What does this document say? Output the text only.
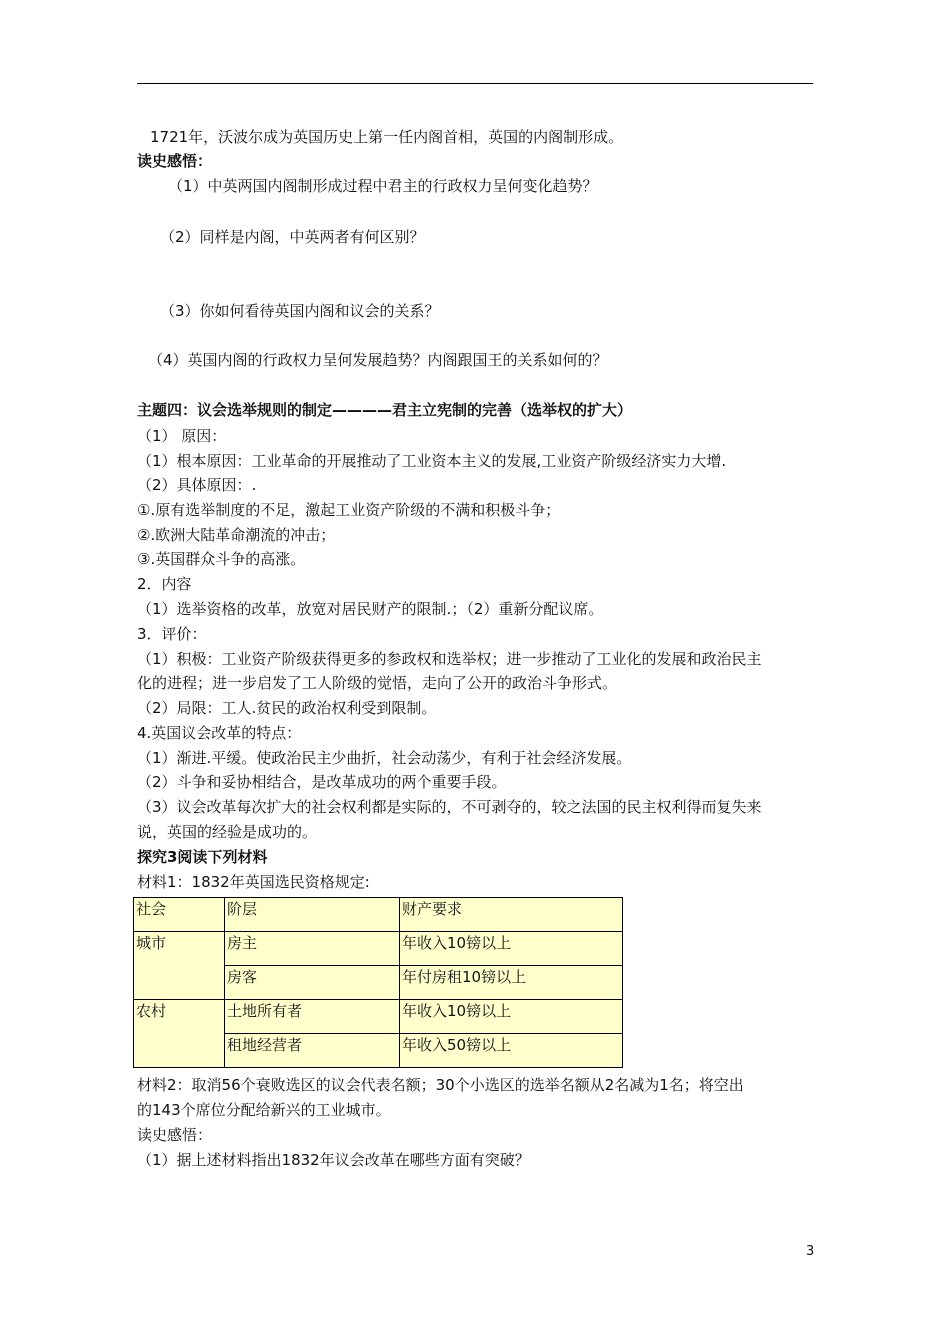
1721年，沃波尔成为英国历史上第一任内阁首相，英国的内阁制形成。
读史感悟：
（1）中英两国内阁制形成过程中君主的行政权力呈何变化趋势？
（2）同样是内阁，中英两者有何区别？
（3）你如何看待英国内阁和议会的关系？
（4）英国内阁的行政权力呈何发展趋势？内阁跟国王的关系如何的？
主题四：议会选举规则的制定————君主立宪制的完善（选举权的扩大）
（1） 原因：
（1）根本原因：工业革命的开展推动了工业资本主义的发展,工业资产阶级经济实力大增.
（2）具体原因：.
①.原有选举制度的不足，激起工业资产阶级的不满和积极斗争；
②.欧洲大陆革命潮流的冲击；
③.英国群众斗争的高涨。
2．内容
（1）选举资格的改革，放宽对居民财产的限制.；（2）重新分配议席。
3．评价：
（1）积极：工业资产阶级获得更多的参政权和选举权；进一步推动了工业化的发展和政治民主
化的进程；进一步启发了工人阶级的觉悟，走向了公开的政治斗争形式。
（2）局限：工人.贫民的政治权利受到限制。
4.英国议会改革的特点：
（1）渐进.平缓。使政治民主少曲折，社会动荡少，有利于社会经济发展。
（2）斗争和妥协相结合，是改革成功的两个重要手段。
（3）议会改革每次扩大的社会权利都是实际的，不可剥夺的，较之法国的民主权利得而复失来
说，英国的经验是成功的。
探究3阅读下列材料
材料1：1832年英国选民资格规定:
社会	阶层	财产要求
城市	房主	年收入10镑以上
	房客	年付房租10镑以上
农村	土地所有者	年收入10镑以上
	租地经营者	年收入50镑以上
材料2：取消56个衰败选区的议会代表名额；30个小选区的选举名额从2名减为1名；将空出
的143个席位分配给新兴的工业城市。
读史感悟：
（1）据上述材料指出1832年议会改革在哪些方面有突破？
3
